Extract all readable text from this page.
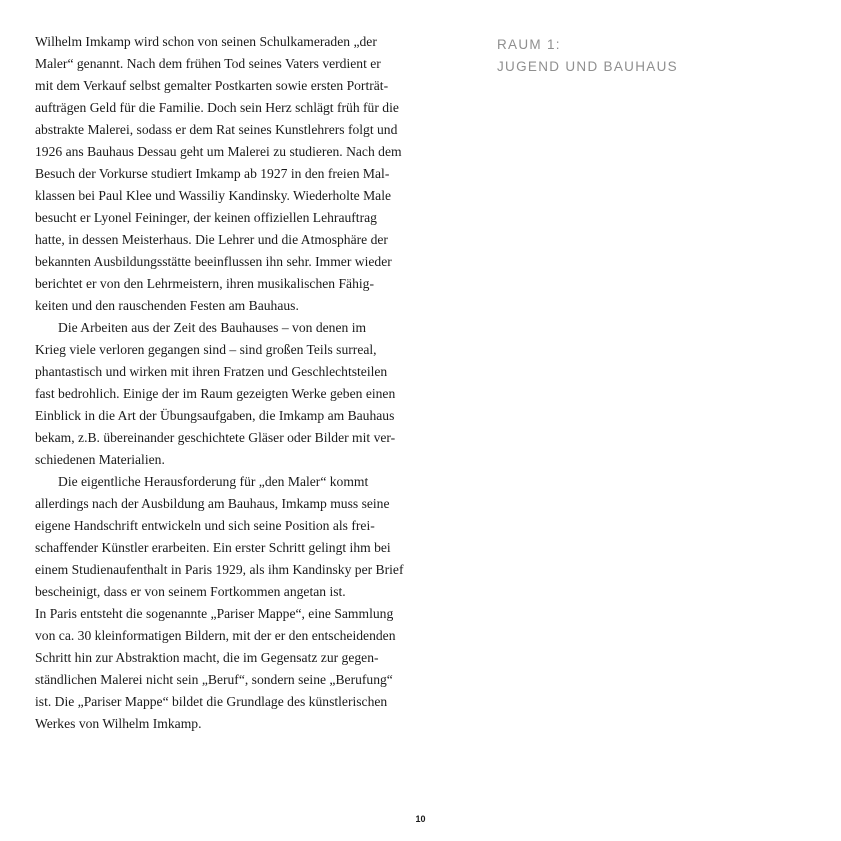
Wilhelm Imkamp wird schon von seinen Schulkameraden „der
Maler“ genannt. Nach dem frühen Tod seines Vaters verdient er
mit dem Verkauf selbst gemalter Postkarten sowie ersten Porträt-
aufträgen Geld für die Familie. Doch sein Herz schlägt früh für die
abstrakte Malerei, sodass er dem Rat seines Kunstlehrers folgt und
1926 ans Bauhaus Dessau geht um Malerei zu studieren. Nach dem
Besuch der Vorkurse studiert Imkamp ab 1927 in den freien Mal-
klassen bei Paul Klee und Wassiliy Kandinsky. Wiederholte Male
besucht er Lyonel Feininger, der keinen offiziellen Lehrauftrag
hatte, in dessen Meisterhaus. Die Lehrer und die Atmosphäre der
bekannten Ausbildungsstätte beeinflussen ihn sehr. Immer wieder
berichtet er von den Lehrmeistern, ihren musikalischen Fähig-
keiten und den rauschenden Festen am Bauhaus.
Die Arbeiten aus der Zeit des Bauhauses – von denen im
Krieg viele verloren gegangen sind – sind großen Teils surreal,
phantastisch und wirken mit ihren Fratzen und Geschlechtsteilen
fast bedrohlich. Einige der im Raum gezeigten Werke geben einen
Einblick in die Art der Übungsaufgaben, die Imkamp am Bauhaus
bekam, z.B. übereinander geschichtete Gläser oder Bilder mit ver-
schiedenen Materialien.
Die eigentliche Herausforderung für „den Maler“ kommt
allerdings nach der Ausbildung am Bauhaus, Imkamp muss seine
eigene Handschrift entwickeln und sich seine Position als frei-
schaffender Künstler erarbeiten. Ein erster Schritt gelingt ihm bei
einem Studienaufenthalt in Paris 1929, als ihm Kandinsky per Brief
bescheinigt, dass er von seinem Fortkommen angetan ist.
In Paris entsteht die sogenannte „Pariser Mappe“, eine Sammlung
von ca. 30 kleinformatigen Bildern, mit der er den entscheidenden
Schritt hin zur Abstraktion macht, die im Gegensatz zur gegen-
ständlichen Malerei nicht sein „Beruf“, sondern seine „Berufung“
ist. Die „Pariser Mappe“ bildet die Grundlage des künstlerischen
Werkes von Wilhelm Imkamp.
RAUM 1:
JUGEND UND BAUHAUS
10
